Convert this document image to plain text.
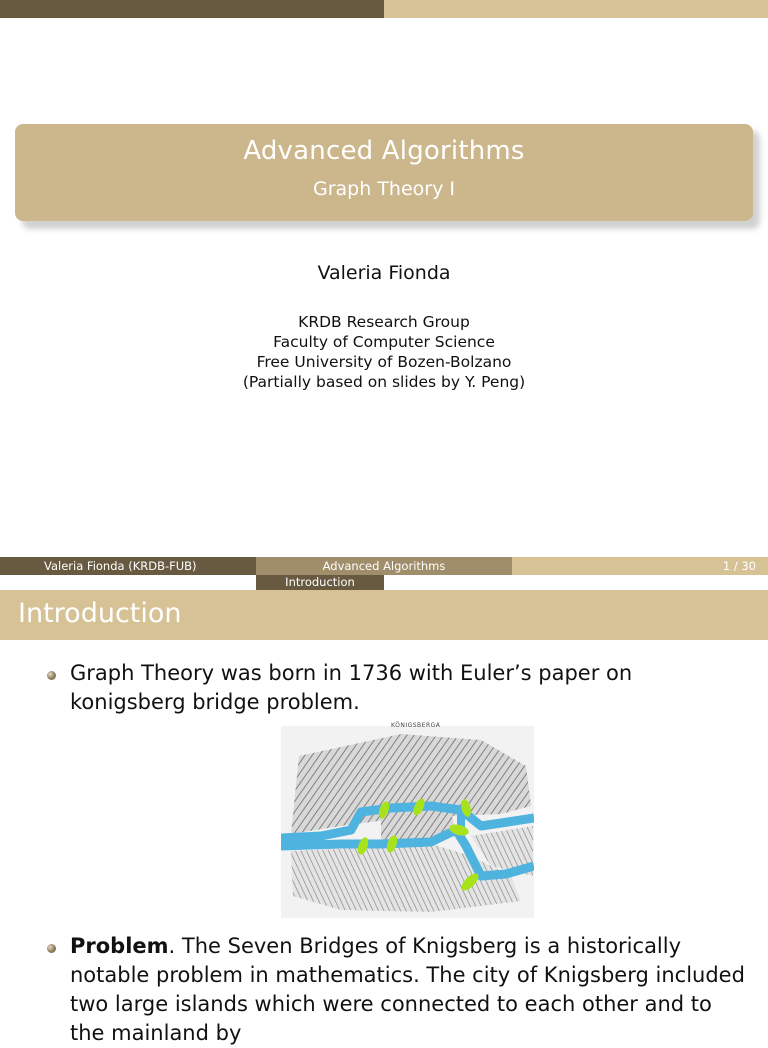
Advanced Algorithms
Graph Theory I
Valeria Fionda
KRDB Research Group
Faculty of Computer Science
Free University of Bozen-Bolzano
(Partially based on slides by Y. Peng)
Valeria Fionda (KRDB-FUB)	Advanced Algorithms	1 / 30
Introduction
Introduction
Graph Theory was born in 1736 with Euler’s paper on konigsberg bridge problem.
KÖNIGSBERGA
Problem. The Seven Bridges of Knigsberg is a historically notable problem in mathematics. The city of Knigsberg included two large islands which were connected to each other and to the mainland by
